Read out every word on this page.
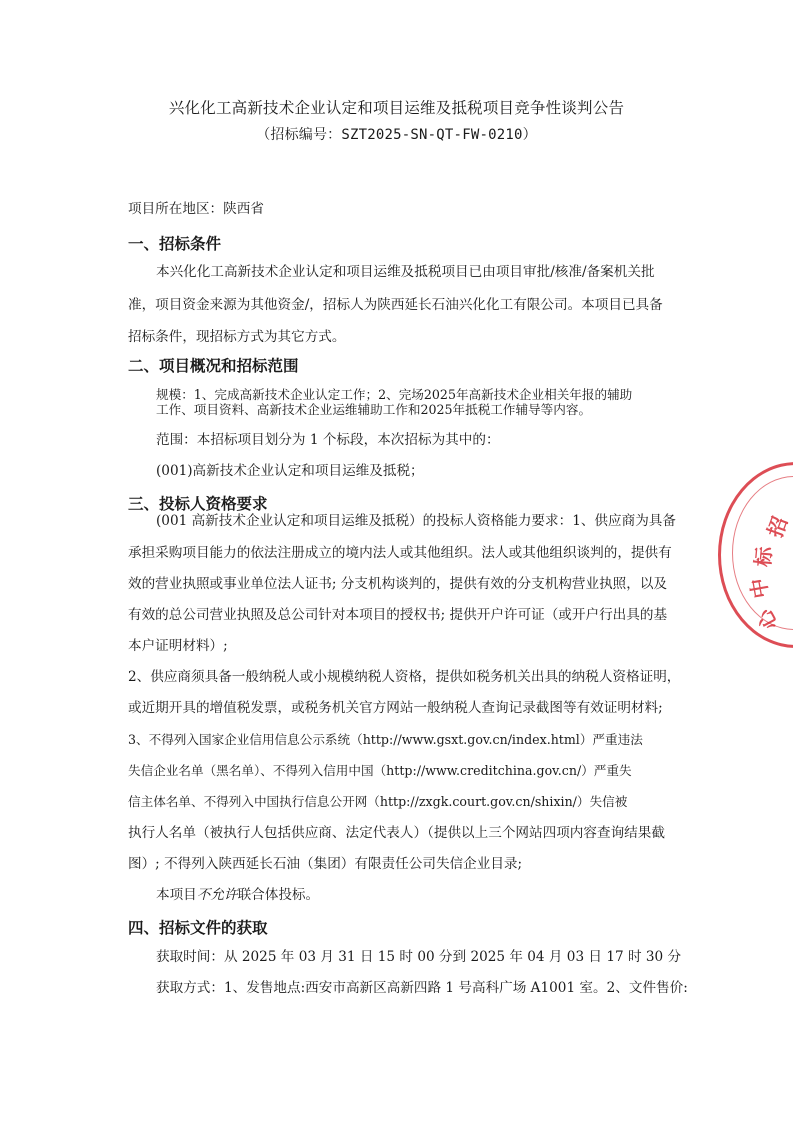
兴化化工高新技术企业认定和项目运维及抵税项目竞争性谈判公告
（招标编号：SZT2025-SN-QT-FW-0210）
项目所在地区：陕西省
一、招标条件
本兴化化工高新技术企业认定和项目运维及抵税项目已由项目审批/核准/备案机关批
准，项目资金来源为其他资金/，招标人为陕西延长石油兴化化工有限公司。本项目已具备
招标条件，现招标方式为其它方式。
二、项目概况和招标范围
规模：1、完成高新技术企业认定工作；2、完场2025年高新技术企业相关年报的辅助
工作、项目资料、高新技术企业运维辅助工作和2025年抵税工作辅导等内容。
范围：本招标项目划分为 1 个标段，本次招标为其中的：
(001)高新技术企业认定和项目运维及抵税；
三、投标人资格要求
(001 高新技术企业认定和项目运维及抵税）的投标人资格能力要求：1、供应商为具备
承担采购项目能力的依法注册成立的境内法人或其他组织。法人或其他组织谈判的，提供有
效的营业执照或事业单位法人证书; 分支机构谈判的，提供有效的分支机构营业执照，以及
有效的总公司营业执照及总公司针对本项目的授权书; 提供开户许可证（或开户行出具的基
本户证明材料）;
2、供应商须具备一般纳税人或小规模纳税人资格，提供如税务机关出具的纳税人资格证明，
或近期开具的增值税发票，或税务机关官方网站一般纳税人查询记录截图等有效证明材料;
3、不得列入国家企业信用信息公示系统（http://www.gsxt.gov.cn/index.html）严重违法
失信企业名单（黑名单）、不得列入信用中国（http://www.creditchina.gov.cn/）严重失
信主体名单、不得列入中国执行信息公开网（http://zxgk.court.gov.cn/shixin/）失信被
执行人名单（被执行人包括供应商、法定代表人）（提供以上三个网站四项内容查询结果截
图）; 不得列入陕西延长石油（集团）有限责任公司失信企业目录;
本项目不允许联合体投标。
四、招标文件的获取
获取时间：从 2025 年 03 月 31 日 15 时 00 分到 2025 年 04 月 03 日 17 时 30 分
获取方式：1、发售地点:西安市高新区高新四路 1 号高科广场 A1001 室。2、文件售价:
招
标
中
心
